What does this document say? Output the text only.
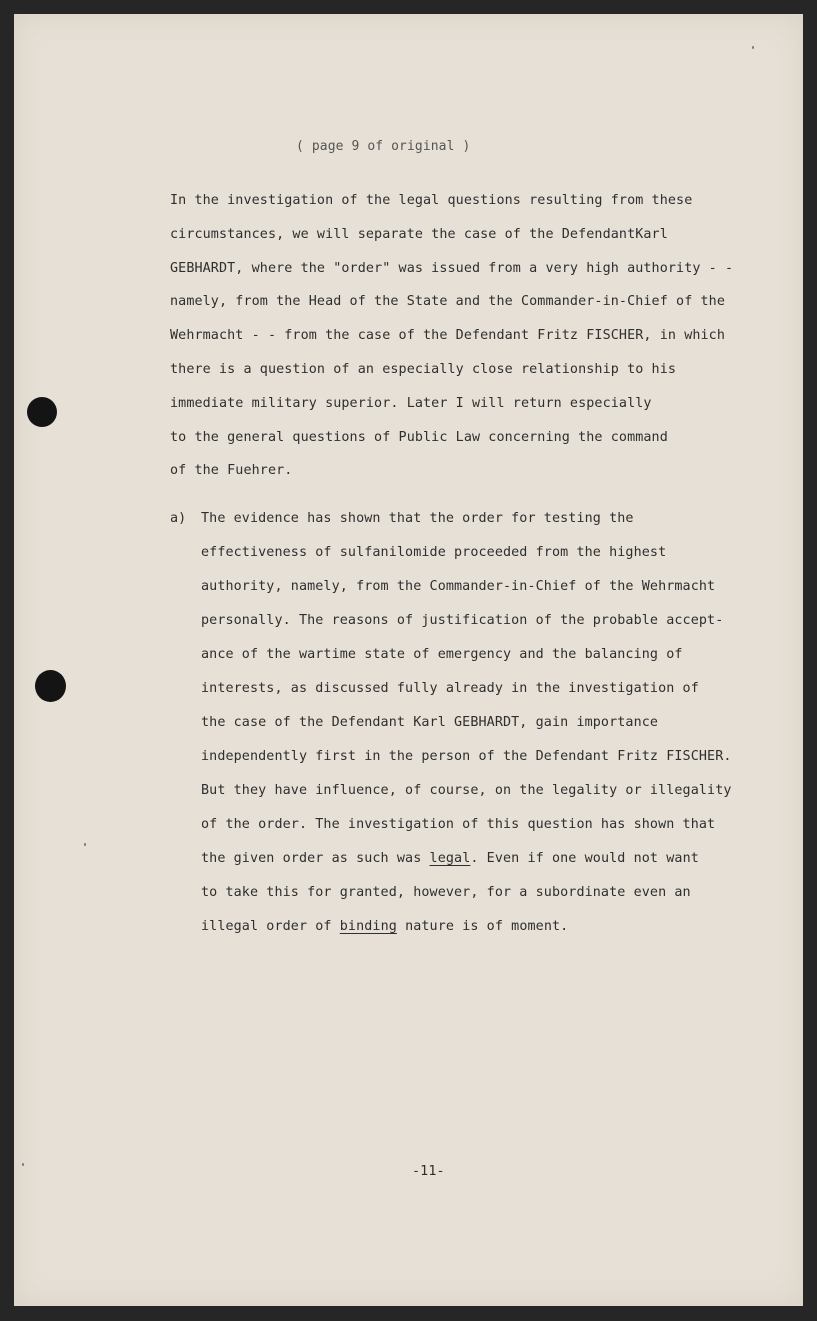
( page 9 of original )

In the investigation of the legal questions resulting from these

circumstances, we will separate the case of the DefendantKarl

GEBHARDT, where the "order" was issued from a very high authority - -

namely, from the Head of the State and the Commander-in-Chief of the

Wehrmacht - - from the case of the Defendant Fritz FISCHER, in which

there is a question of an especially close relationship to his

immediate military superior. Later I will return especially

to the general questions of Public Law concerning the command

of the Fuehrer.

a) The evidence has shown that the order for testing the

effectiveness of sulfanilomide proceeded from the highest

authority, namely, from the Commander-in-Chief of the Wehrmacht

personally. The reasons of justification of the probable accept-

ance of the wartime state of emergency and the balancing of

interests, as discussed fully already in the investigation of

the case of the Defendant Karl GEBHARDT, gain importance

independently first in the person of the Defendant Fritz FISCHER.

But they have influence, of course, on the legality or illegality

of the order. The investigation of this question has shown that

the given order as such was legal. Even if one would not want

to take this for granted, however, for a subordinate even an

illegal order of binding nature is of moment.

-11-
